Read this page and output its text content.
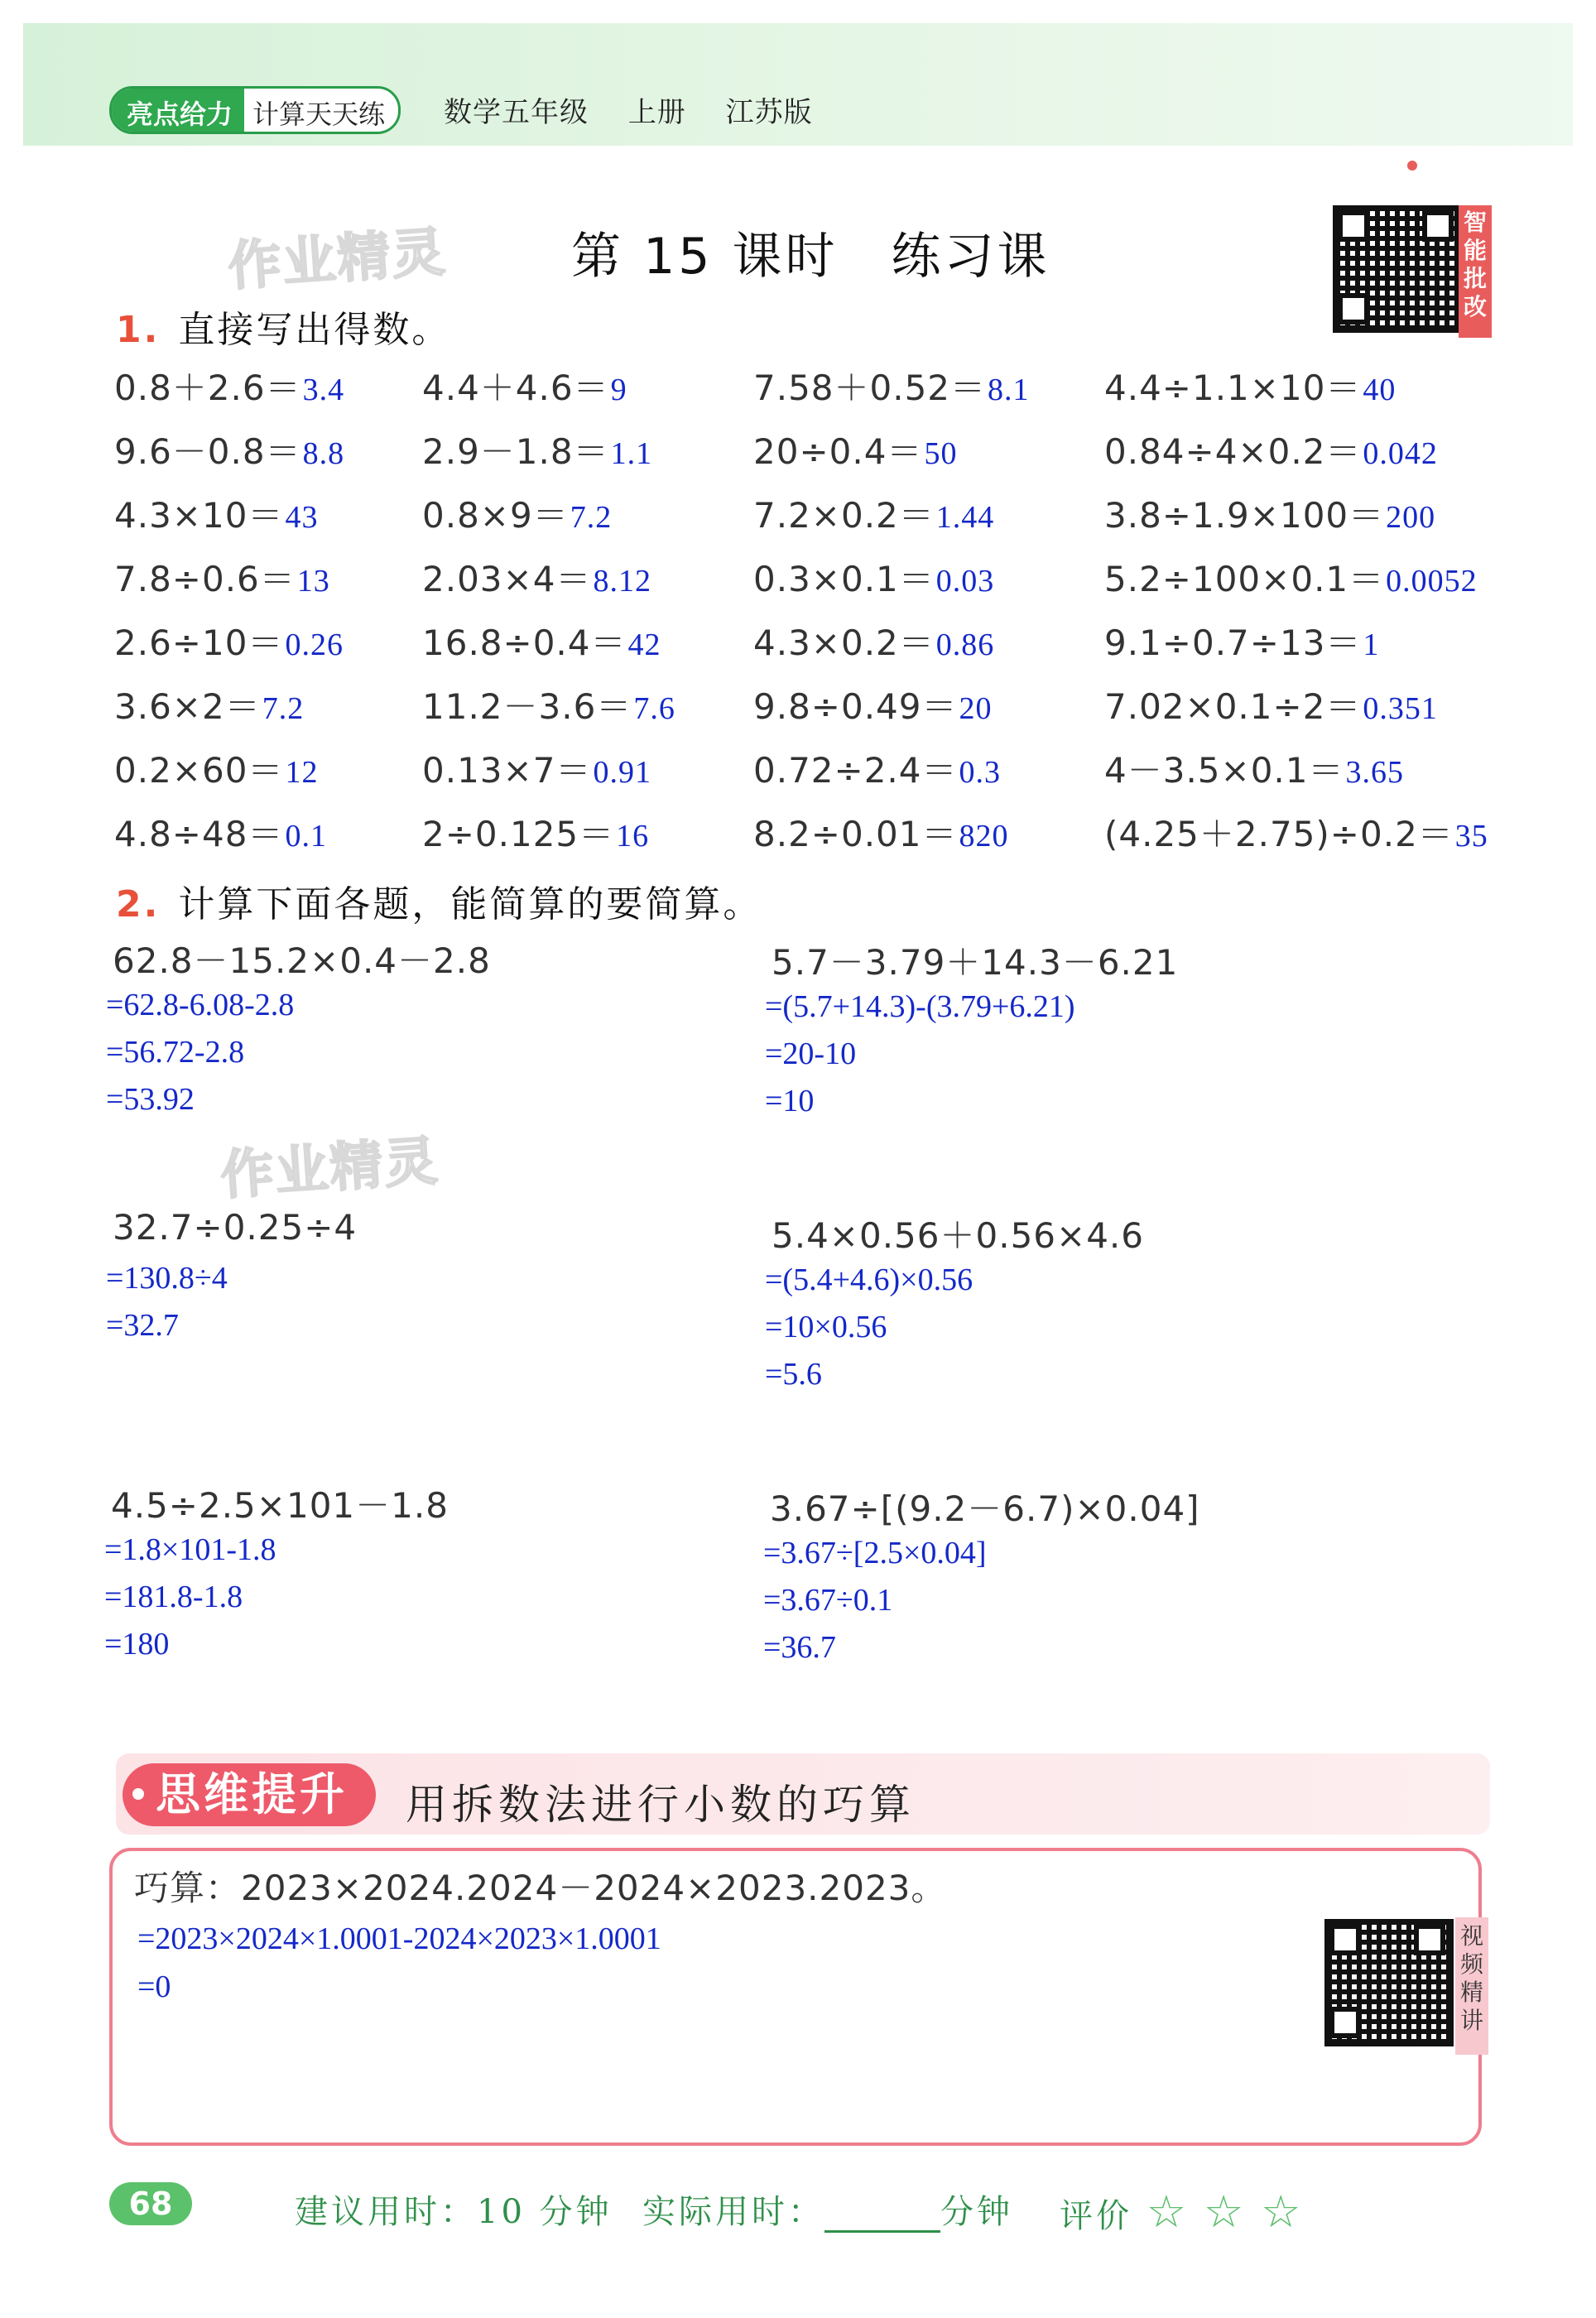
亮点给力 计算天天练	数学五年级 上册 江苏版
作业精灵
作业精灵
第 15 课时　练习课
智
能
批
改
1. 直接写出得数。
0.8＋2.6＝3.4 4.4＋4.6＝9	7.58＋0.52＝8.1 4.4÷1.1×10＝40
9.6－0.8＝8.8 2.9－1.8＝1.1	20÷0.4＝50	0.84÷4×0.2＝0.042
4.3×10＝43	0.8×9＝7.2	7.2×0.2＝1.44	3.8÷1.9×100＝200
7.8÷0.6＝13	2.03×4＝8.12	0.3×0.1＝0.03	5.2÷100×0.1＝0.0052
2.6÷10＝0.26 16.8÷0.4＝42	4.3×0.2＝0.86	9.1÷0.7÷13＝1
3.6×2＝7.2	11.2－3.6＝7.6 9.8÷0.49＝20	7.02×0.1÷2＝0.351
0.2×60＝12	0.13×7＝0.91	0.72÷2.4＝0.3	4－3.5×0.1＝3.65
4.8÷48＝0.1	2÷0.125＝16	8.2÷0.01＝820	(4.25＋2.75)÷0.2＝35
2. 计算下面各题，能简算的要简算。
62.8－15.2×0.4－2.8
=62.8-6.08-2.8
=56.72-2.8
=53.92
5.7－3.79＋14.3－6.21
=(5.7+14.3)-(3.79+6.21)
=20-10
=10
32.7÷0.25÷4
=130.8÷4
=32.7
5.4×0.56＋0.56×4.6
=(5.4+4.6)×0.56
=10×0.56
=5.6
4.5÷2.5×101－1.8
=1.8×101-1.8
=181.8-1.8
=180
3.67÷[(9.2－6.7)×0.04]
=3.67÷[2.5×0.04]
=3.67÷0.1
=36.7
思维提升	用拆数法进行小数的巧算
巧算：2023×2024.2024－2024×2023.2023。
=2023×2024×1.0001-2024×2023×1.0001
=0
视
频
精
讲
68	建议用时：10 分钟 实际用时：	分钟 评价 ☆ ☆ ☆
